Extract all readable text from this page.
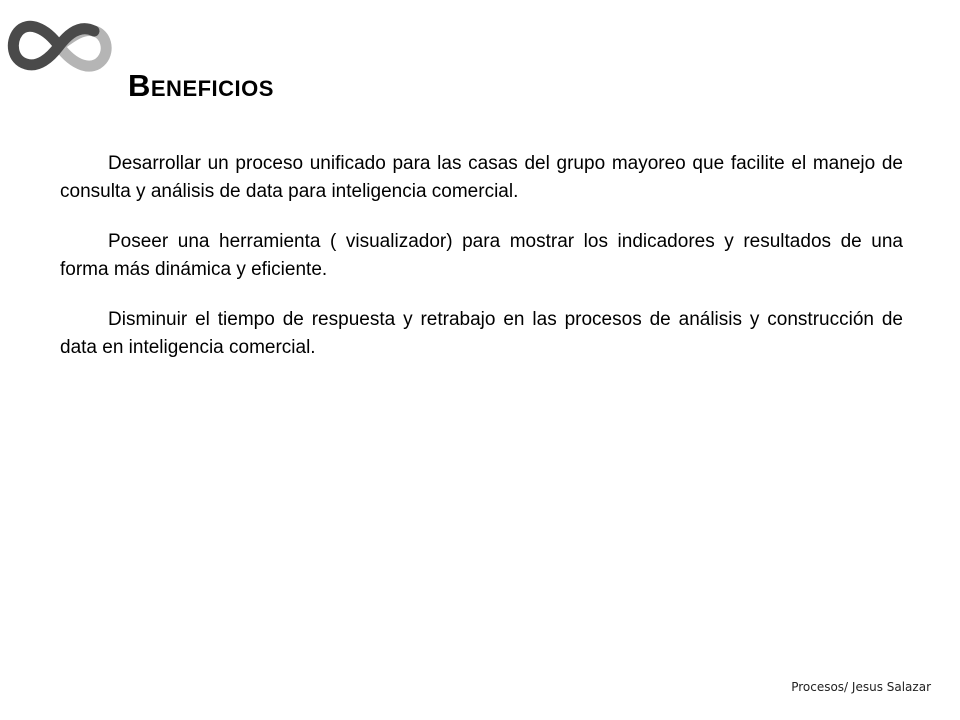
Beneficios

Desarrollar un proceso unificado para las casas del grupo mayoreo que facilite el manejo de consulta y análisis de data para inteligencia comercial.

Poseer una herramienta ( visualizador) para mostrar los indicadores y resultados de una forma más dinámica y eficiente.

Disminuir el tiempo de respuesta y retrabajo en las procesos de análisis y construcción de data en inteligencia comercial.

Procesos/ Jesus Salazar
